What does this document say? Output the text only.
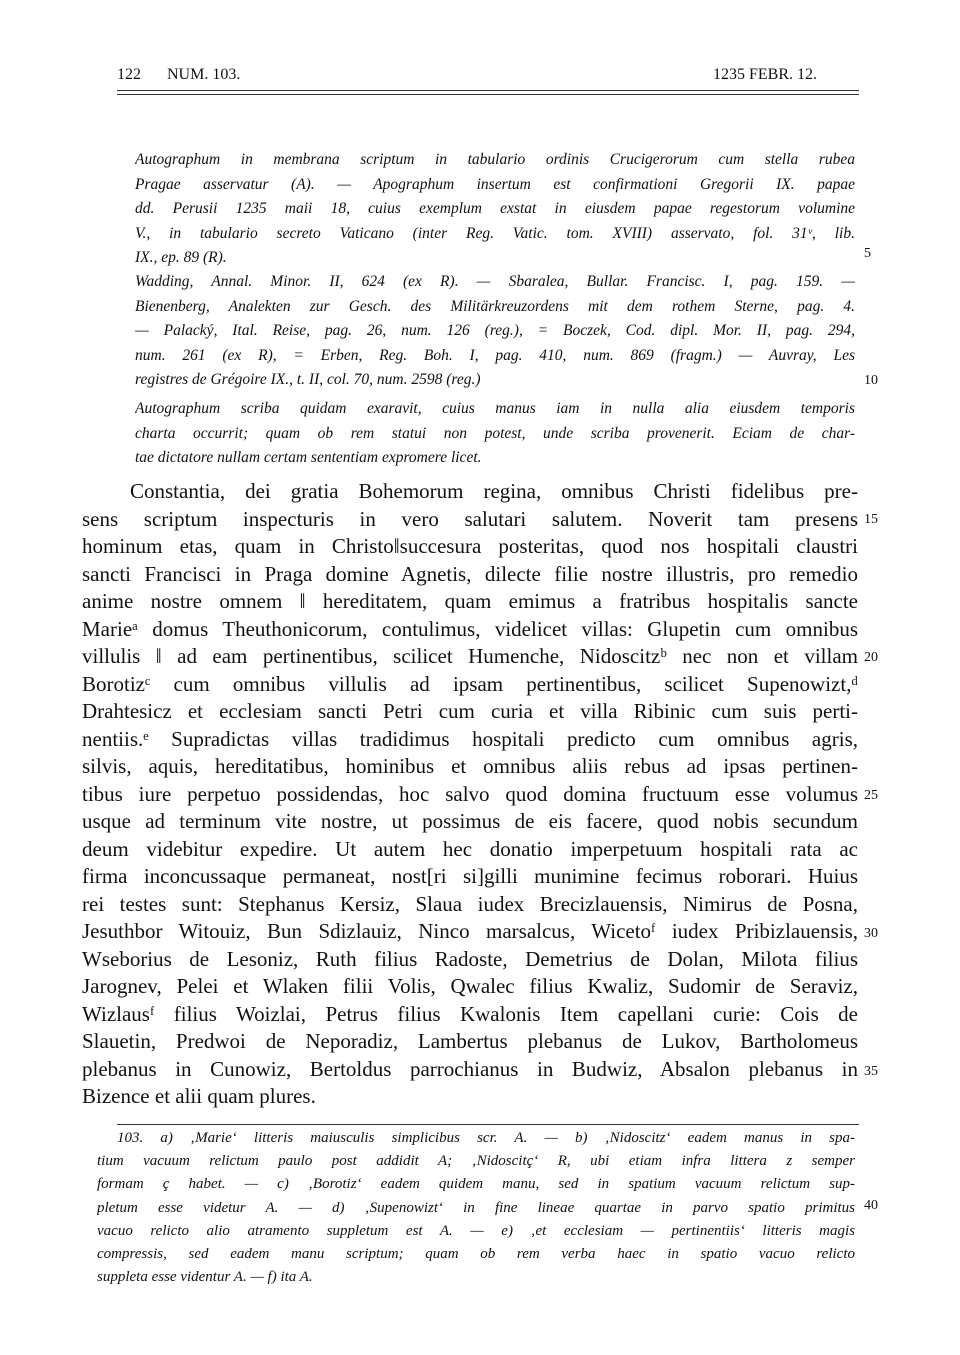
122 NUM. 103.	1235 FEBR. 12.
Autographum in membrana scriptum in tabulario ordinis Crucigerorum cum stella rubea
Pragae asservatur (A). — Apographum insertum est confirmationi Gregorii IX. papae
dd. Perusii 1235 maii 18, cuius exemplum exstat in eiusdem papae regestorum volumine
V., in tabulario secreto Vaticano (inter Reg. Vatic. tom. XVIII) asservato, fol. 31ᵛ, lib.
IX., ep. 89 (R).
Wadding, Annal. Minor. II, 624 (ex R). — Sbaralea, Bullar. Francisc. I, pag. 159. —
Bienenberg, Analekten zur Gesch. des Militärkreuzordens mit dem rothem Sterne, pag. 4.
— Palacký, Ital. Reise, pag. 26, num. 126 (reg.), = Boczek, Cod. dipl. Mor. II, pag. 294,
num. 261 (ex R), = Erben, Reg. Boh. I, pag. 410, num. 869 (fragm.) — Auvray, Les
registres de Grégoire IX., t. II, col. 70, num. 2598 (reg.)
Autographum scriba quidam exaravit, cuius manus iam in nulla alia eiusdem temporis
charta occurrit; quam ob rem statui non potest, unde scriba provenerit. Eciam de char-
tae dictatore nullam certam sententiam expromere licet.
Constantia, dei gratia Bohemorum regina, omnibus Christi fidelibus pre-
sens scriptum inspecturis in vero salutari salutem. Noverit tam presens
hominum etas, quam in Christo‖succesura posteritas, quod nos hospitali claustri
sancti Francisci in Praga domine Agnetis, dilecte filie nostre illustris, pro remedio
anime nostre omnem ‖ hereditatem, quam emimus a fratribus hospitalis sancte
Marieᵃ domus Theuthonicorum, contulimus, videlicet villas: Glupetin cum omnibus
villulis ‖ ad eam pertinentibus, scilicet Humenche, Nidoscitzᵇ nec non et villam
Borotizᶜ cum omnibus villulis ad ipsam pertinentibus, scilicet Supenowizt,ᵈ
Drahtesicz et ecclesiam sancti Petri cum curia et villa Ribinic cum suis perti-
nentiis.ᵉ Supradictas villas tradidimus hospitali predicto cum omnibus agris,
silvis, aquis, hereditatibus, hominibus et omnibus aliis rebus ad ipsas pertinen-
tibus iure perpetuo possidendas, hoc salvo quod domina fructuum esse volumus
usque ad terminum vite nostre, ut possimus de eis facere, quod nobis secundum
deum videbitur expedire. Ut autem hec donatio imperpetuum hospitali rata ac
firma inconcussaque permaneat, nost[ri si]gilli munimine fecimus roborari. Huius
rei testes sunt: Stephanus Kersiz, Slaua iudex Brecizlauensis, Nimirus de Posna,
Jesuthbor Witouiz, Bun Sdizlauiz, Ninco marsalcus, Wicetoᶠ iudex Pribizlauensis,
Wseborius de Lesoniz, Ruth filius Radoste, Demetrius de Dolan, Milota filius
Jarognev, Pelei et Wlaken filii Volis, Qwalec filius Kwaliz, Sudomir de Seraviz,
Wizlausᶠ filius Woizlai, Petrus filius Kwalonis Item capellani curie: Cois de
Slauetin, Predwoi de Neporadiz, Lambertus plebanus de Lukov, Bartholomeus
plebanus in Cunowiz, Bertoldus parrochianus in Budwiz, Absalon plebanus in
Bizence et alii quam plures.
5
10
15
20
25
30
35
40
103. a) ‚Marie‘ litteris maiusculis simplicibus scr. A. — b) ‚Nidoscitz‘ eadem manus in spa-
tium vacuum relictum paulo post addidit A; ‚Nidoscitç‘ R, ubi etiam infra littera z semper
formam ç habet. — c) ‚Borotiz‘ eadem quidem manu, sed in spatium vacuum relictum sup-
pletum esse videtur A. — d) ‚Supenowizt‘ in fine lineae quartae in parvo spatio primitus
vacuo relicto alio atramento suppletum est A. — e) ‚et ecclesiam — pertinentiis‘ litteris magis
compressis, sed eadem manu scriptum; quam ob rem verba haec in spatio vacuo relicto
suppleta esse videntur A. — f) ita A.
